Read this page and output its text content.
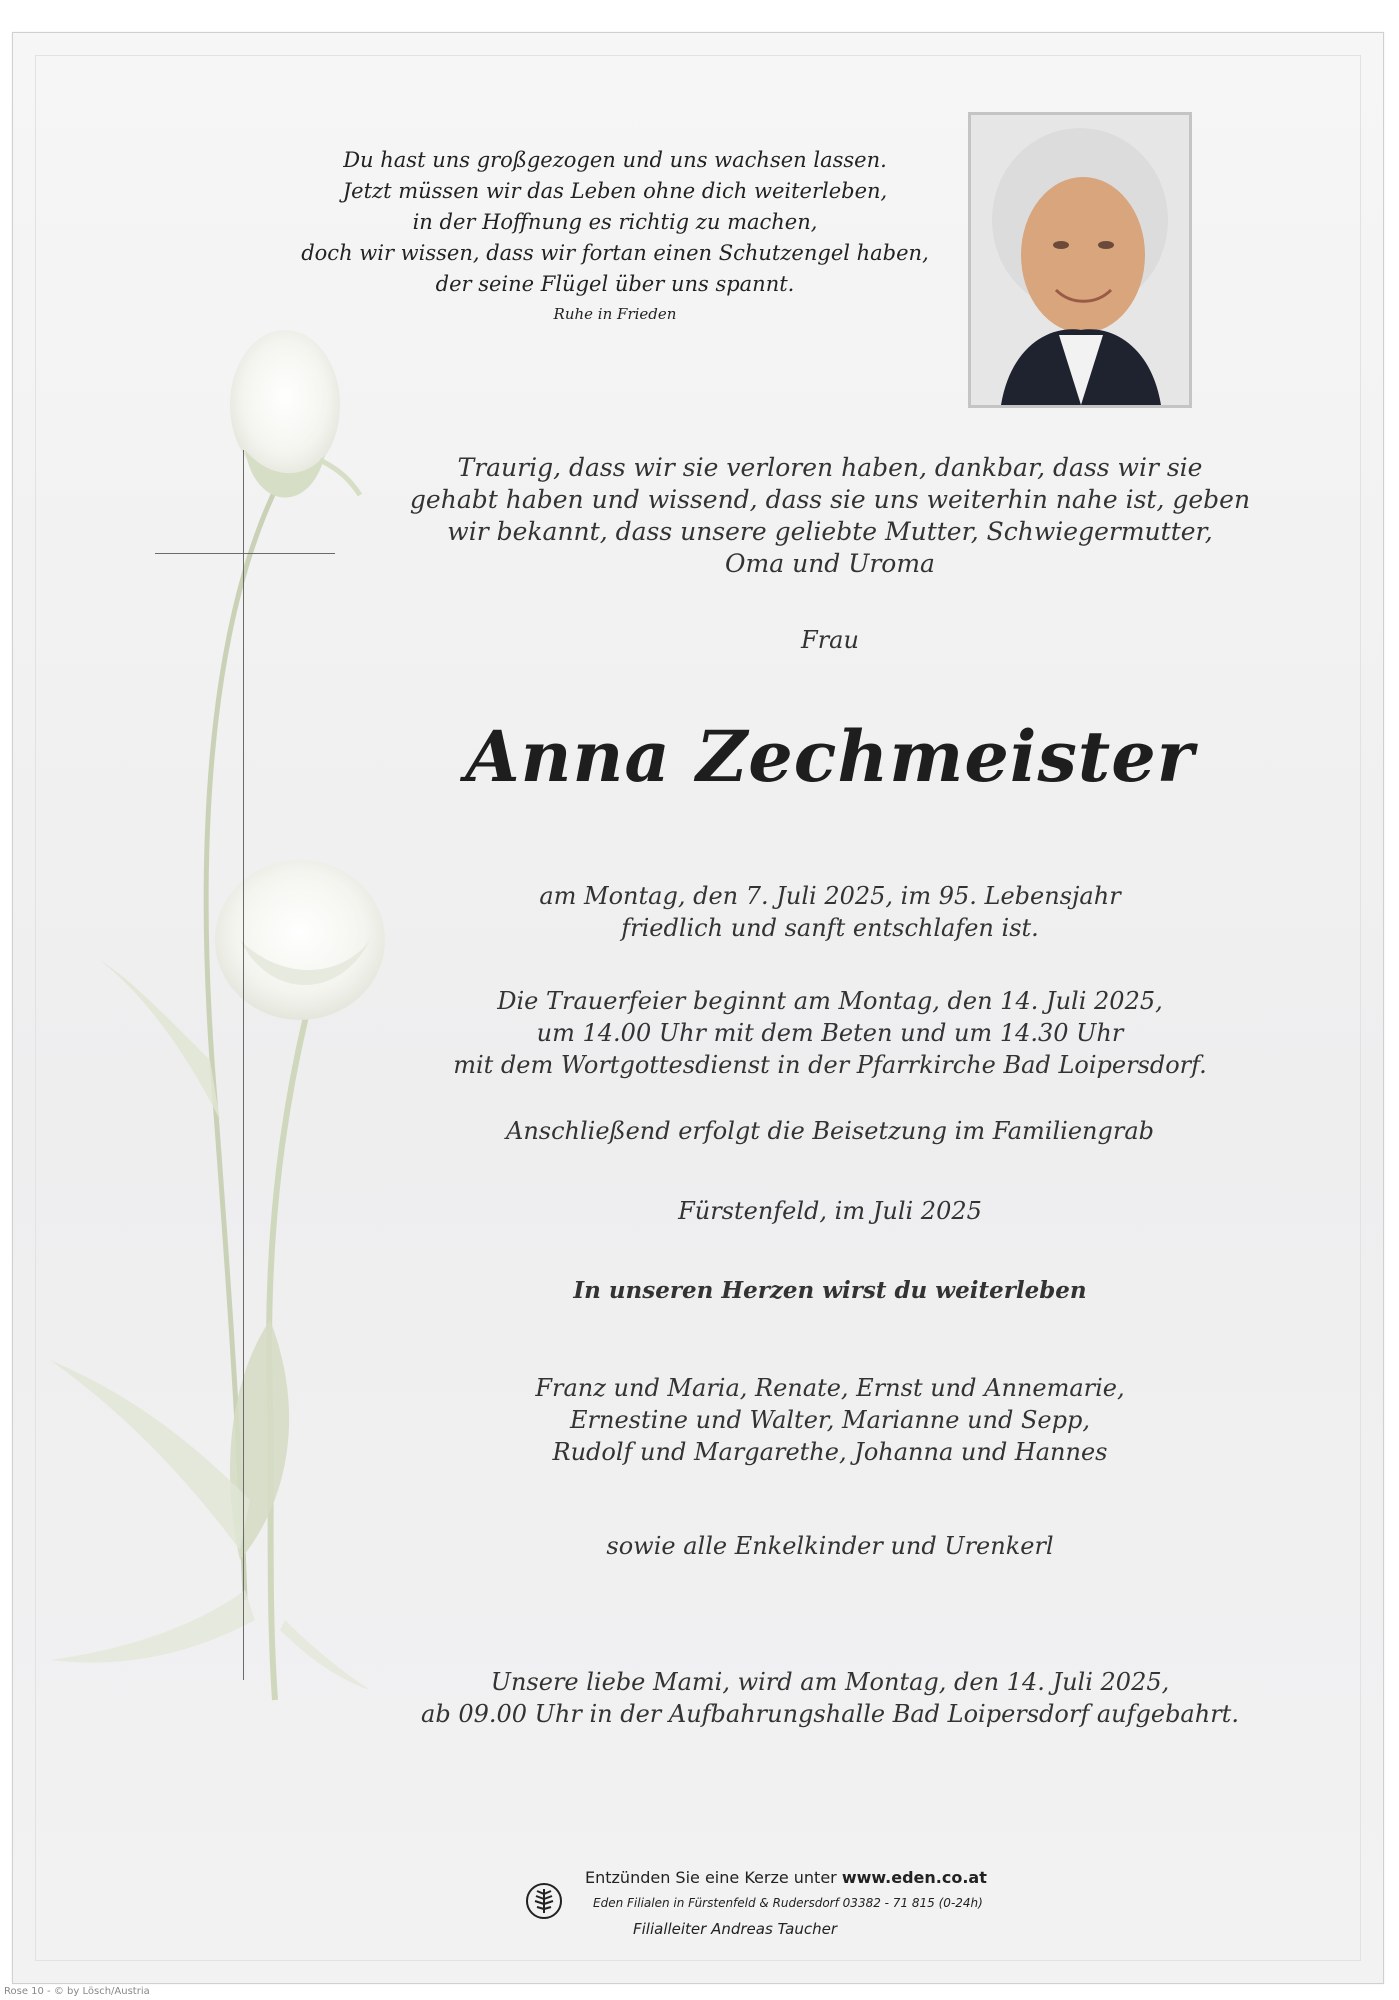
Du hast uns großgezogen und uns wachsen lassen.
Jetzt müssen wir das Leben ohne dich weiterleben,
in der Hoffnung es richtig zu machen,
doch wir wissen, dass wir fortan einen Schutzengel haben,
der seine Flügel über uns spannt.
Ruhe in Frieden
Traurig, dass wir sie verloren haben, dankbar, dass wir sie
gehabt haben und wissend, dass sie uns weiterhin nahe ist, geben
wir bekannt, dass unsere geliebte Mutter, Schwiegermutter,
Oma und Uroma
Frau
Anna Zechmeister
am Montag, den 7. Juli 2025, im 95. Lebensjahr
friedlich und sanft entschlafen ist.
Die Trauerfeier beginnt am Montag, den 14. Juli 2025,
um 14.00 Uhr mit dem Beten und um 14.30 Uhr
mit dem Wortgottesdienst in der Pfarrkirche Bad Loipersdorf.
Anschließend erfolgt die Beisetzung im Familiengrab
Fürstenfeld, im Juli 2025
In unseren Herzen wirst du weiterleben
Franz und Maria, Renate, Ernst und Annemarie,
Ernestine und Walter, Marianne und Sepp,
Rudolf und Margarethe, Johanna und Hannes
sowie alle Enkelkinder und Urenkerl
Unsere liebe Mami, wird am Montag, den 14. Juli 2025,
ab 09.00 Uhr in der Aufbahrungshalle Bad Loipersdorf aufgebahrt.
Entzünden Sie eine Kerze unter www.eden.co.at
Eden Filialen in Fürstenfeld & Rudersdorf 03382 - 71 815 (0-24h)
Filialleiter Andreas Taucher
Rose 10 - © by Lösch/Austria
